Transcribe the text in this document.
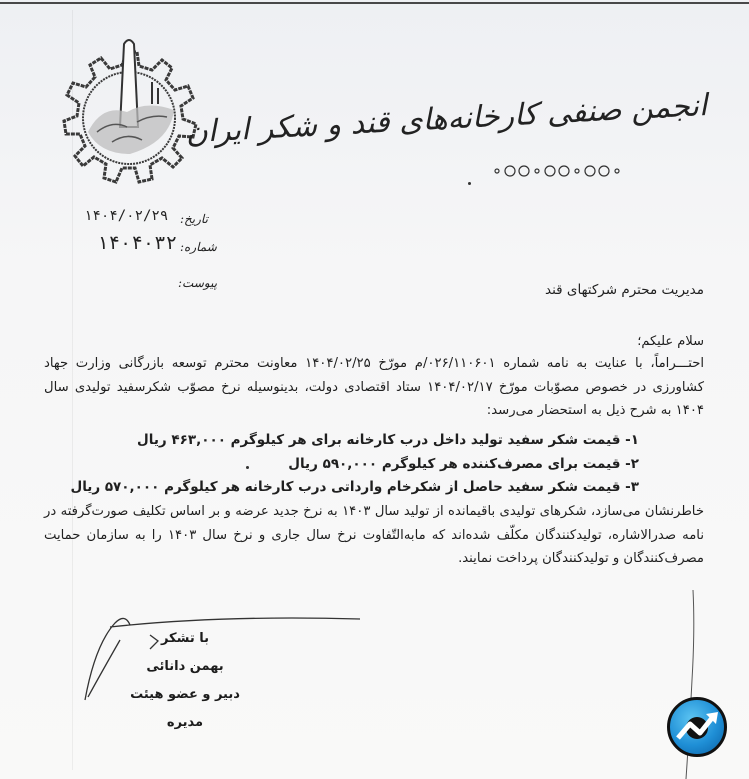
انجمن صنفی کارخانه‌های قند و شکر ایران
تاریخ:
۱۴۰۴/۰۲/۲۹
شماره:
۱۴۰۴۰۳۲
پیوست:	مدیریت محترم شرکتهای قند
سلام علیکم؛
احتـــراماً، با عنایت به نامه شماره ۰۲۶/۱۱۰۶۰۱/م مورّخ ۱۴۰۴/۰۲/۲۵ معاونت محترم توسعه بازرگانی وزارت جهاد کشاورزی در خصوص مصوّبات مورّخ ۱۴۰۴/۰۲/۱۷ ستاد اقتصادی دولت، بدینوسیله نرخ مصوّب شکرسفید تولیدی سال ۱۴۰۴ به شرح ذیل به استحضار می‌رسد:
۱- قیمت شکر سفید تولید داخل درب کارخانه برای هر کیلوگرم ۴۶۳,۰۰۰ ریال
۲- قیمت برای مصرف‌کننده هر کیلوگرم ۵۹۰,۰۰۰ ریال
۳- قیمت شکر سفید حاصل از شکرخام وارداتی درب کارخانه هر کیلوگرم ۵۷۰,۰۰۰ ریال
خاطرنشان می‌سازد، شکرهای تولیدی باقیمانده از تولید سال ۱۴۰۳ به نرخ جدید عرضه و بر اساس تکلیف صورت‌گرفته در نامه صدرالاشاره، تولیدکنندگان مکلّف شده‌اند که مابه‌التّفاوت نرخ سال جاری و نرخ سال ۱۴۰۳ را به سازمان حمایت مصرف‌کنندگان و تولیدکنندگان پرداخت نمایند.
با تشکر
بهمن دانائی
دبیر و عضو هیئت مدیره
